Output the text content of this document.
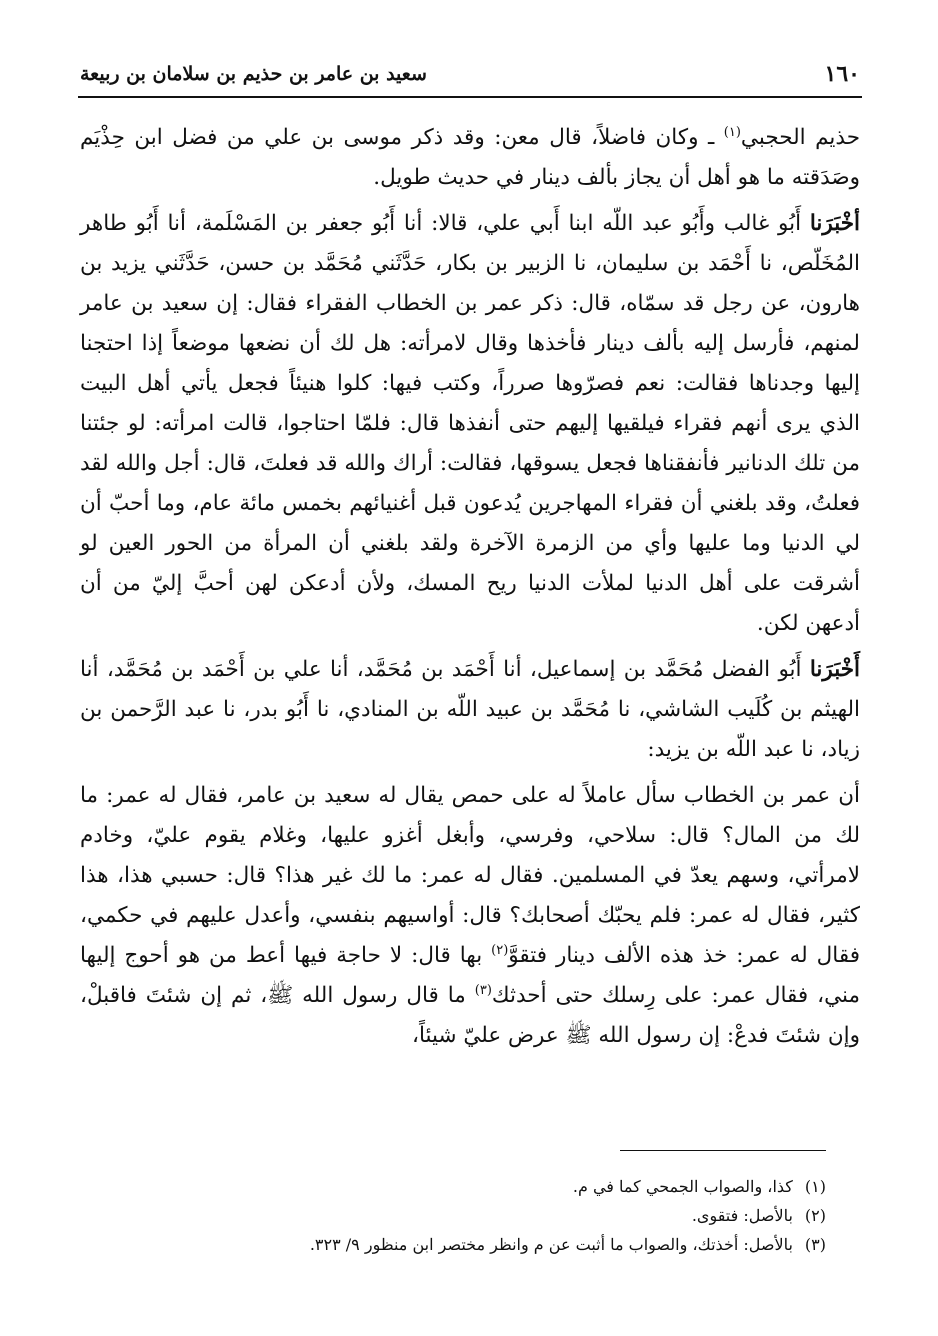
١٦٠
سعيد بن عامر بن حذيم بن سلامان بن ربيعة

حذيم الحجبي$^{(١)}$ ـ وكان فاضلاً، قال معن: وقد ذكر موسى بن علي من فضل ابن حِذْيَم وصَدَقته ما هو أهل أن يجاز بألف دينار في حديث طويل.

أخْبَرَنا أَبُو غالب وأَبُو عبد اللّه ابنا أَبي علي، قالا: أنا أَبُو جعفر بن المَسْلَمة، أنا أَبُو طاهر المُخَلّص، نا أَحْمَد بن سليمان، نا الزبير بن بكار، حَدَّثَني مُحَمَّد بن حسن، حَدَّثَني يزيد بن هارون، عن رجل قد سمّاه، قال: ذكر عمر بن الخطاب الفقراء فقال: إن سعيد بن عامر لمنهم، فأرسل إليه بألف دينار فأخذها وقال لامرأته: هل لك أن نضعها موضعاً إذا احتجنا إليها وجدناها فقالت: نعم فصرّوها صرراً، وكتب فيها: كلوا هنيئاً فجعل يأتي أهل البيت الذي يرى أنهم فقراء فيلقيها إليهم حتى أنفذها قال: فلمّا احتاجوا، قالت امرأته: لو جئتنا من تلك الدنانير فأنفقناها فجعل يسوقها، فقالت: أراك والله قد فعلتَ، قال: أجل والله لقد فعلتُ، وقد بلغني أن فقراء المهاجرين يُدعون قبل أغنيائهم بخمس مائة عام، وما أحبّ أن لي الدنيا وما عليها وأي من الزمرة الآخرة ولقد بلغني أن المرأة من الحور العين لو أشرقت على أهل الدنيا لملأت الدنيا ريح المسك، ولأن أدعكن لهن أحبَّ إليّ من أن أدعهن لكن.

أَخْبَرَنا أَبُو الفضل مُحَمَّد بن إسماعيل، أنا أَحْمَد بن مُحَمَّد، أنا علي بن أَحْمَد بن مُحَمَّد، أنا الهيثم بن كُلَيب الشاشي، نا مُحَمَّد بن عبيد اللّه بن المنادي، نا أَبُو بدر، نا عبد الرَّحمن بن زياد، نا عبد اللّه بن يزيد:

أن عمر بن الخطاب سأل عاملاً له على حمص يقال له سعيد بن عامر، فقال له عمر: ما لك من المال؟ قال: سلاحي، وفرسي، وأبغل أغزو عليها، وغلام يقوم عليّ، وخادم لامرأتي، وسهم يعدّ في المسلمين. فقال له عمر: ما لك غير هذا؟ قال: حسبي هذا، هذا كثير، فقال له عمر: فلم يحبّك أصحابك؟ قال: أواسيهم بنفسي، وأعدل عليهم في حكمي، فقال له عمر: خذ هذه الألف دينار فتقوَّ$^{(٢)}$ بها قال: لا حاجة فيها أعط من هو أحوج إليها مني، فقال عمر: على رِسلك حتى أحدثك$^{(٣)}$ ما قال رسول الله ﷺ، ثم إن شئتَ فاقبلْ، وإن شئتَ فدعْ: إن رسول الله ﷺ عرض عليّ شيئاً،

(١)
كذا، والصواب الجمحي كما في م.
(٢)
بالأصل: فتقوى.
(٣)
بالأصل: أخذتك، والصواب ما أثبت عن م وانظر مختصر ابن منظور ٩/ ٣٢٣.
